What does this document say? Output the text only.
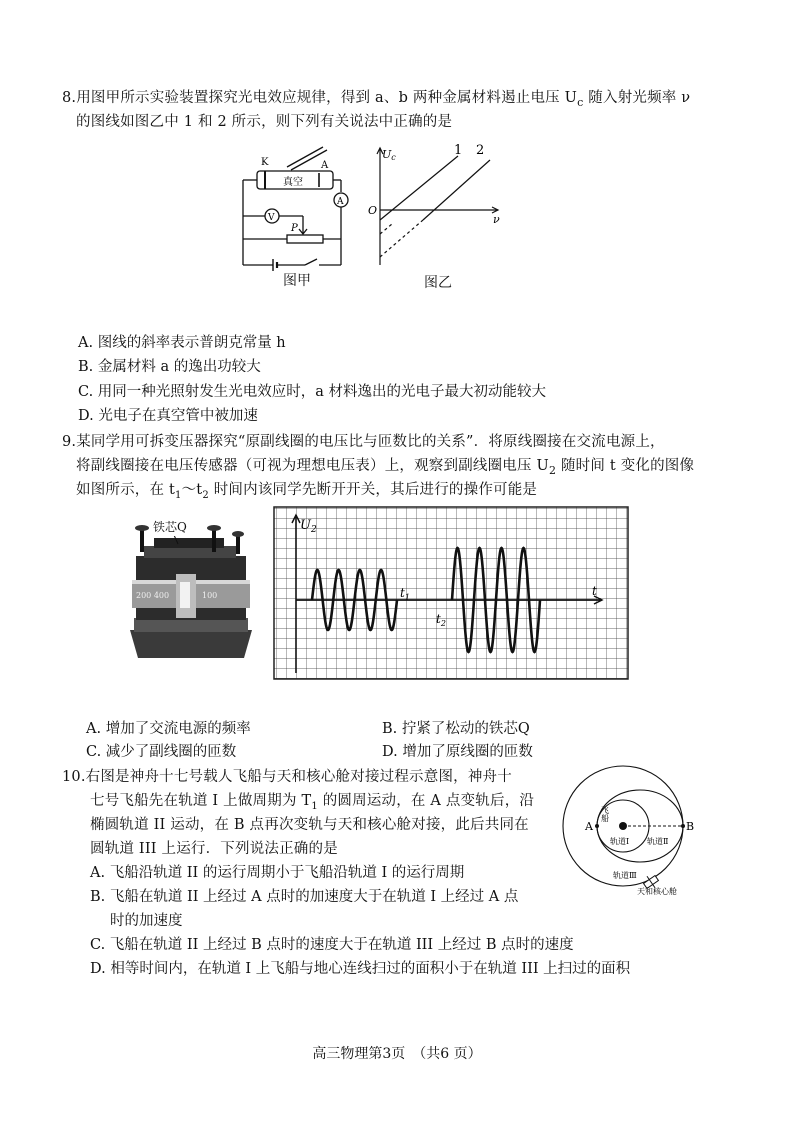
8.用图甲所示实验装置探究光电效应规律，得到 a、b 两种金属材料遏止电压 $U_c$ 随入射光频率 ν
的图线如图乙中 1 和 2 所示，则下列有关说法中正确的是
K	A
真空
A
V
P
图甲
Uc
O
ν
1 2
图乙
A. 图线的斜率表示普朗克常量 h
B. 金属材料 a 的逸出功较大
C. 用同一种光照射发生光电效应时，a 材料逸出的光电子最大初动能较大
D. 光电子在真空管中被加速
9.某同学用可拆变压器探究“原副线圈的电压比与匝数比的关系”．将原线圈接在交流电源上，
将副线圈接在电压传感器（可视为理想电压表）上，观察到副线圈电压 $U_2$ 随时间 t 变化的图像
如图所示，在 $t_1\sim t_2$ 时间内该同学先断开开关，其后进行的操作可能是
200 400	100
铁芯Q	$U_2$
$t_1$
$t_2$
t
A. 增加了交流电源的频率	B. 拧紧了松动的铁芯Q
C. 减少了副线圈的匝数	D. 增加了原线圈的匝数
10.右图是神舟十七号载人飞船与天和核心舱对接过程示意图，神舟十
七号飞船先在轨道 I 上做周期为 $T_1$ 的圆周运动，在 A 点变轨后，沿
椭圆轨道 II 运动，在 B 点再次变轨与天和核心舱对接，此后共同在
圆轨道 III 上运行．下列说法正确的是
A	B
飞船
轨道Ⅰ 轨道Ⅱ
轨道Ⅲ
天和核心舱
A. 飞船沿轨道 II 的运行周期小于飞船沿轨道 I 的运行周期
B. 飞船在轨道 II 上经过 A 点时的加速度大于在轨道 I 上经过 A 点
时的加速度
C. 飞船在轨道 II 上经过 B 点时的速度大于在轨道 III 上经过 B 点时的速度
D. 相等时间内，在轨道 I 上飞船与地心连线扫过的面积小于在轨道 III 上扫过的面积
高三物理第3页　（共6 页）
